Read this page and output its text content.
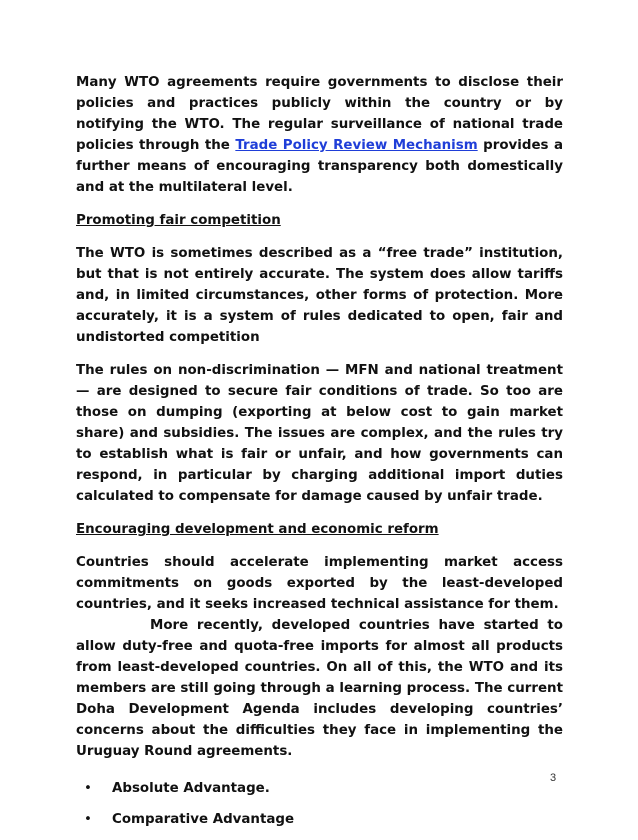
Many WTO agreements require governments to disclose their policies and practices publicly within the country or by notifying the WTO. The regular surveillance of national trade policies through the Trade Policy Review Mechanism provides a further means of encouraging transparency both domestically and at the multilateral level.

Promoting fair competition

The WTO is sometimes described as a “free trade” institution, but that is not entirely accurate. The system does allow tariffs and, in limited circumstances, other forms of protection. More accurately, it is a system of rules dedicated to open, fair and undistorted competition

The rules on non-discrimination — MFN and national treatment — are designed to secure fair conditions of trade. So too are those on dumping (exporting at below cost to gain market share) and subsidies. The issues are complex, and the rules try to establish what is fair or unfair, and how governments can respond, in particular by charging additional import duties calculated to compensate for damage caused by unfair trade.

Encouraging development and economic reform

Countries should accelerate implementing market access commitments on goods exported by the least-developed countries, and it seeks increased technical assistance for them.

More recently, developed countries have started to allow duty-free and quota-free imports for almost all products from least-developed countries. On all of this, the WTO and its members are still going through a learning process. The current Doha Development Agenda includes developing countries’ concerns about the difficulties they face in implementing the Uruguay Round agreements.

• Absolute Advantage.
• Comparative Advantage
3
